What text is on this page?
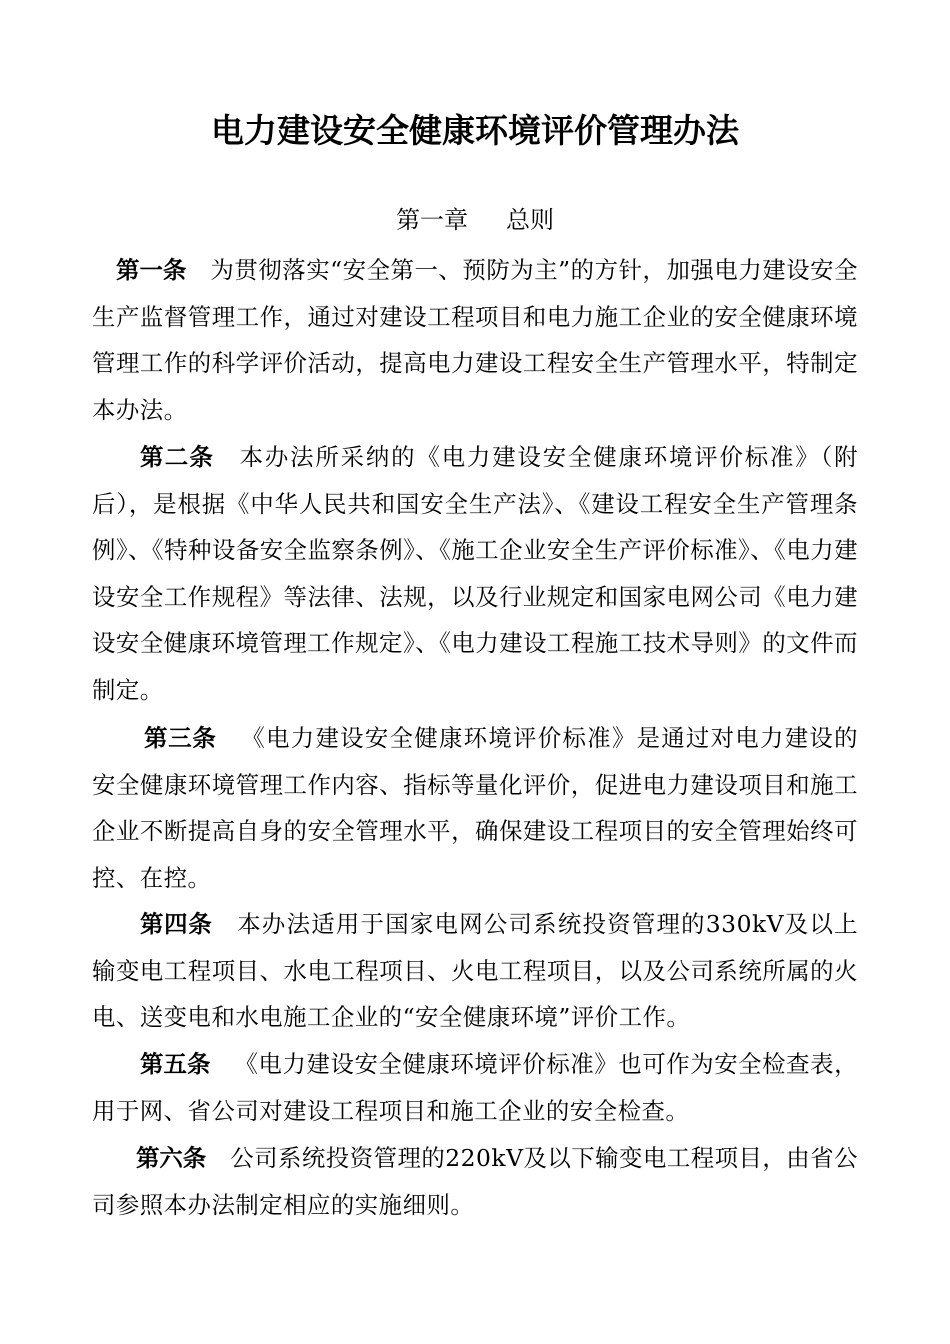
电力建设安全健康环境评价管理办法
第一章 总则

第一条 为贯彻落实“安全第一、预防为主”的方针，加强电力建设安全生产监督管理工作，通过对建设工程项目和电力施工企业的安全健康环境管理工作的科学评价活动，提高电力建设工程安全生产管理水平，特制定本办法。

第二条 本办法所采纳的《电力建设安全健康环境评价标准》（附后），是根据《中华人民共和国安全生产法》、《建设工程安全生产管理条例》、《特种设备安全监察条例》、《施工企业安全生产评价标准》、《电力建设安全工作规程》等法律、法规，以及行业规定和国家电网公司《电力建设安全健康环境管理工作规定》、《电力建设工程施工技术导则》的文件而制定。

第三条 《电力建设安全健康环境评价标准》是通过对电力建设的安全健康环境管理工作内容、指标等量化评价，促进电力建设项目和施工企业不断提高自身的安全管理水平，确保建设工程项目的安全管理始终可控、在控。

第四条 本办法适用于国家电网公司系统投资管理的330kV及以上输变电工程项目、水电工程项目、火电工程项目，以及公司系统所属的火电、送变电和水电施工企业的“安全健康环境”评价工作。

第五条 《电力建设安全健康环境评价标准》也可作为安全检查表，用于网、省公司对建设工程项目和施工企业的安全检查。

第六条 公司系统投资管理的220kV及以下输变电工程项目，由省公司参照本办法制定相应的实施细则。
